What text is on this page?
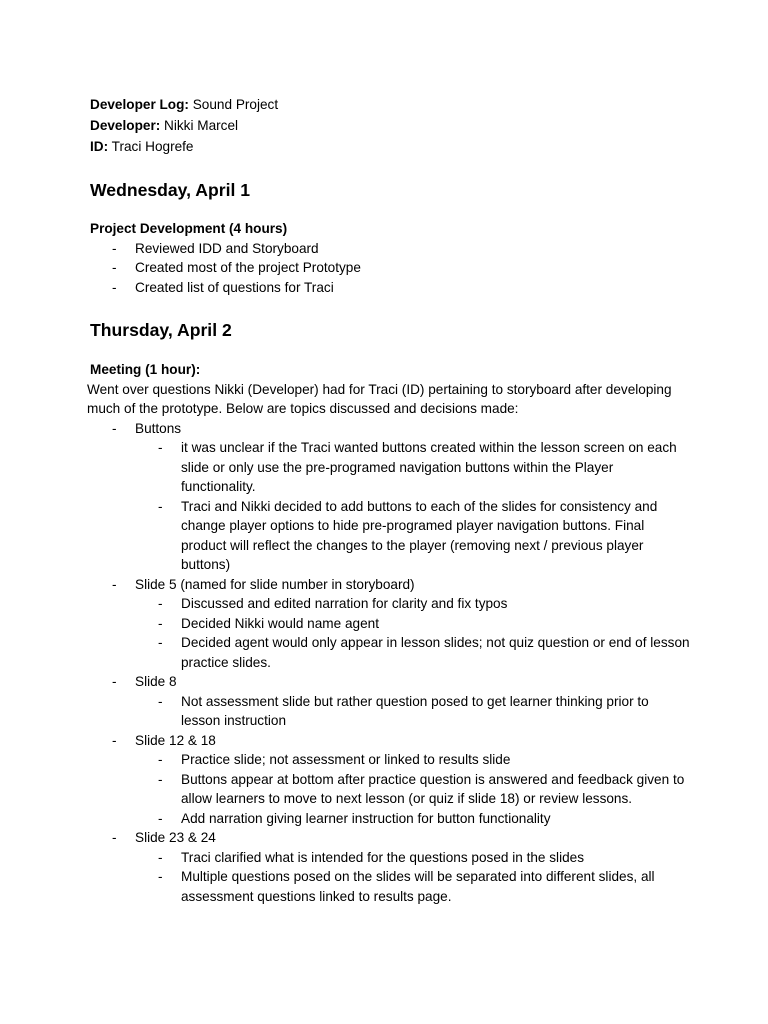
Developer Log: Sound Project
Developer: Nikki Marcel
ID: Traci Hogrefe
Wednesday, April 1
Project Development (4 hours)
- Reviewed IDD and Storyboard
- Created most of the project Prototype
- Created list of questions for Traci
Thursday, April 2
Meeting (1 hour):
Went over questions Nikki (Developer) had for Traci (ID) pertaining to storyboard after developing much of the prototype. Below are topics discussed and decisions made:
- Buttons
- it was unclear if the Traci wanted buttons created within the lesson screen on each slide or only use the pre-programed navigation buttons within the Player functionality.
- Traci and Nikki decided to add buttons to each of the slides for consistency and change player options to hide pre-programed player navigation buttons. Final product will reflect the changes to the player (removing next / previous player buttons)
- Slide 5 (named for slide number in storyboard)
- Discussed and edited narration for clarity and fix typos
- Decided Nikki would name agent
- Decided agent would only appear in lesson slides; not quiz question or end of lesson practice slides.
- Slide 8
- Not assessment slide but rather question posed to get learner thinking prior to lesson instruction
- Slide 12 & 18
- Practice slide; not assessment or linked to results slide
- Buttons appear at bottom after practice question is answered and feedback given to allow learners to move to next lesson (or quiz if slide 18) or review lessons.
- Add narration giving learner instruction for button functionality
- Slide 23 & 24
- Traci clarified what is intended for the questions posed in the slides
- Multiple questions posed on the slides will be separated into different slides, all assessment questions linked to results page.
